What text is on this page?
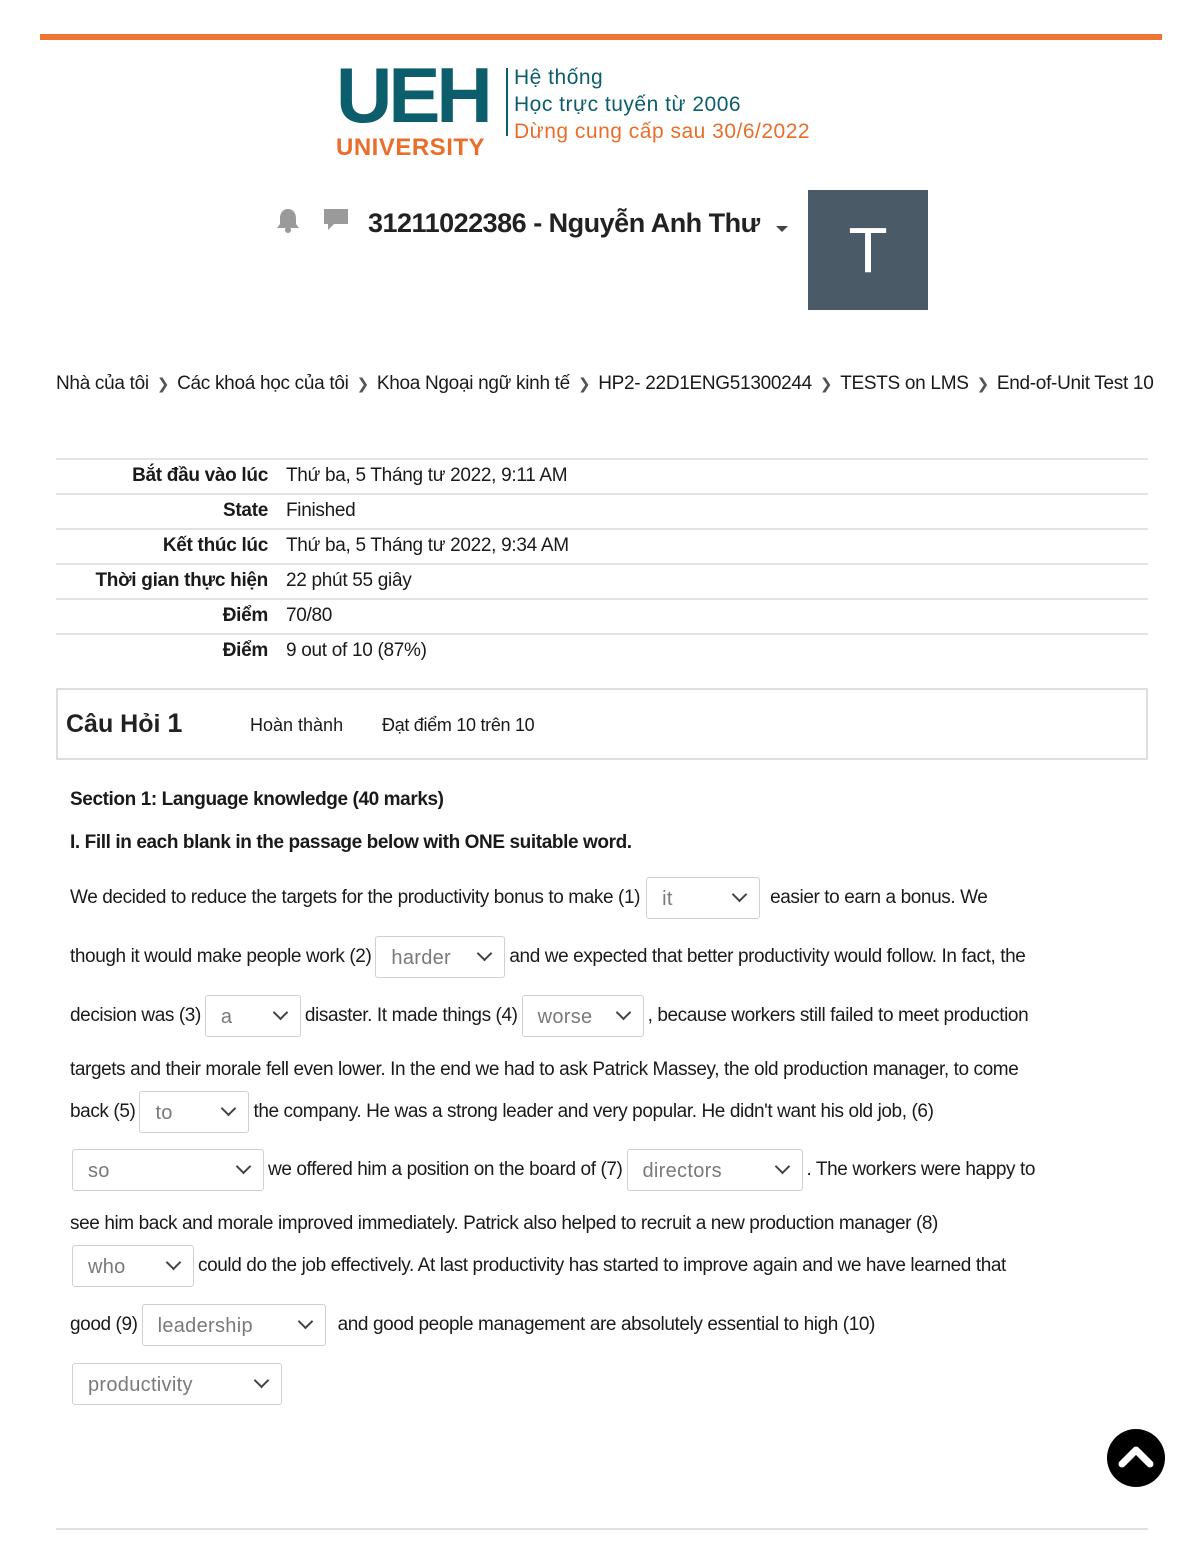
UEH
UNIVERSITY
Hệ thống
Học trực tuyến từ 2006
Dừng cung cấp sau 30/6/2022
31211022386 - Nguyễn Anh Thư	T
Nhà của tôi ❯ Các khoá học của tôi ❯ Khoa Ngoại ngữ kinh tế ❯ HP2- 22D1ENG51300244 ❯ TESTS on LMS ❯ End-of-Unit Test 10
Bắt đầu vào lúc	Thứ ba, 5 Tháng tư 2022, 9:11 AM
State	Finished
Kết thúc lúc	Thứ ba, 5 Tháng tư 2022, 9:34 AM
Thời gian thực hiện	22 phút 55 giây
Điểm	70/80
Điểm	9 out of 10 (87%)
Câu Hỏi 1	Hoàn thành Đạt điểm 10 trên 10

Section 1: Language knowledge (40 marks)

I. Fill in each blank in the passage below with ONE suitable word.

We decided to reduce the targets for the productivity bonus to make (1)	it	easier to earn a bonus. We
though it would make people work (2)	harder	and we expected that better productivity would follow. In fact, the
decision was (3)	a	disaster. It made things (4)	worse	, because workers still failed to meet production
targets and their morale fell even lower. In the end we had to ask Patrick Massey, the old production manager, to come
back (5)	to	the company. He was a strong leader and very popular. He didn't want his old job, (6)
so	we offered him a position on the board of (7)	directors	. The workers were happy to
see him back and morale improved immediately. Patrick also helped to recruit a new production manager (8)
who	could do the job effectively. At last productivity has started to improve again and we have learned that
good (9)	leadership	and good people management are absolutely essential to high (10)
productivity
